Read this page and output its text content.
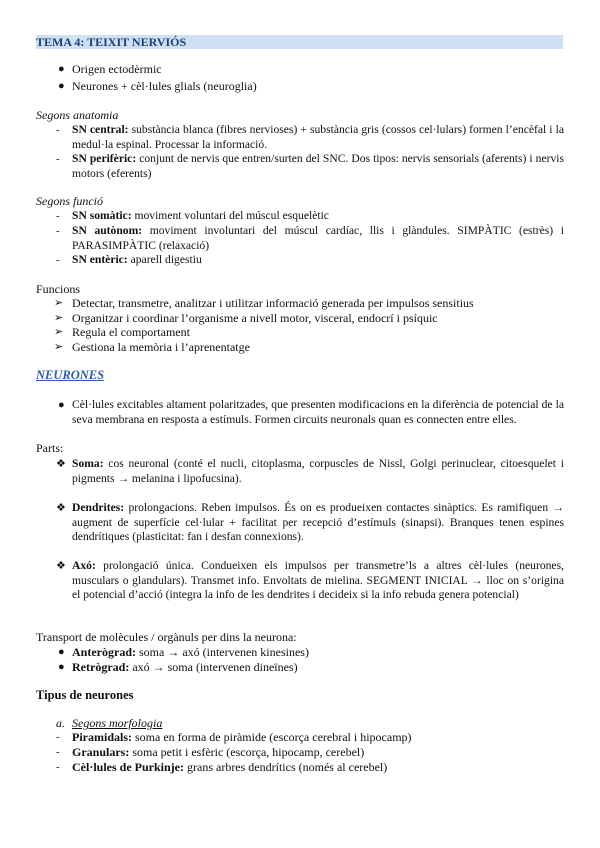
TEMA 4: TEIXIT NERVIÓS
● Origen ectodèrmic
● Neurones + cèl·lules glials (neuroglia)
Segons anatomia
- SN central: substància blanca (fibres nervioses) + substància gris (cossos cel·lulars) formen l’encèfal i la medul·la espinal. Processar la informació.
- SN perifèric: conjunt de nervis que entren/surten del SNC. Dos tipos: nervis sensorials (aferents) i nervis motors (eferents)
Segons funció
- SN somàtic: moviment voluntari del múscul esquelètic
- SN autònom: moviment involuntari del múscul cardíac, llis i glàndules. SIMPÀTIC (estrès) i PARASIMPÀTIC (relaxació)
- SN entèric: aparell digestiu
Funcions
➢ Detectar, transmetre, analitzar i utilitzar informació generada per impulsos sensitius
➢ Organitzar i coordinar l’organisme a nivell motor, visceral, endocrí i psíquic
➢ Regula el comportament
➢ Gestiona la memòria i l’aprenentatge
NEURONES
● Cèl·lules excitables altament polaritzades, que presenten modificacions en la diferència de potencial de la seva membrana en resposta a estímuls. Formen circuits neuronals quan es connecten entre elles.
Parts:
❖ Soma: cos neuronal (conté el nucli, citoplasma, corpuscles de Nissl, Golgi perinuclear, citoesquelet i pigments → melanina i lipofucsina).
❖ Dendrites: prolongacions. Reben impulsos. És on es produeixen contactes sinàptics. Es ramifiquen → augment de superfície cel·lular + facilitat per recepció d’estímuls (sinapsi). Branques tenen espines dendrítiques (plasticitat: fan i desfan connexions).
❖ Axó: prolongació única. Condueixen els impulsos per transmetre’ls a altres cèl·lules (neurones, musculars o glandulars). Transmet info. Envoltats de mielina. SEGMENT INICIAL → lloc on s’origina el potencial d’acció (integra la info de les dendrites i decideix si la info rebuda genera potencial)
Transport de molècules / orgànuls per dins la neurona:
● Anterògrad: soma → axó (intervenen kinesines)
● Retrògrad: axó → soma (intervenen dineïnes)
Tipus de neurones
a. Segons morfologia
- Piramidals: soma en forma de piràmide (escorça cerebral i hipocamp)
- Granulars: soma petit i esfèric (escorça, hipocamp, cerebel)
- Cèl·lules de Purkinje: grans arbres dendrítics (només al cerebel)
